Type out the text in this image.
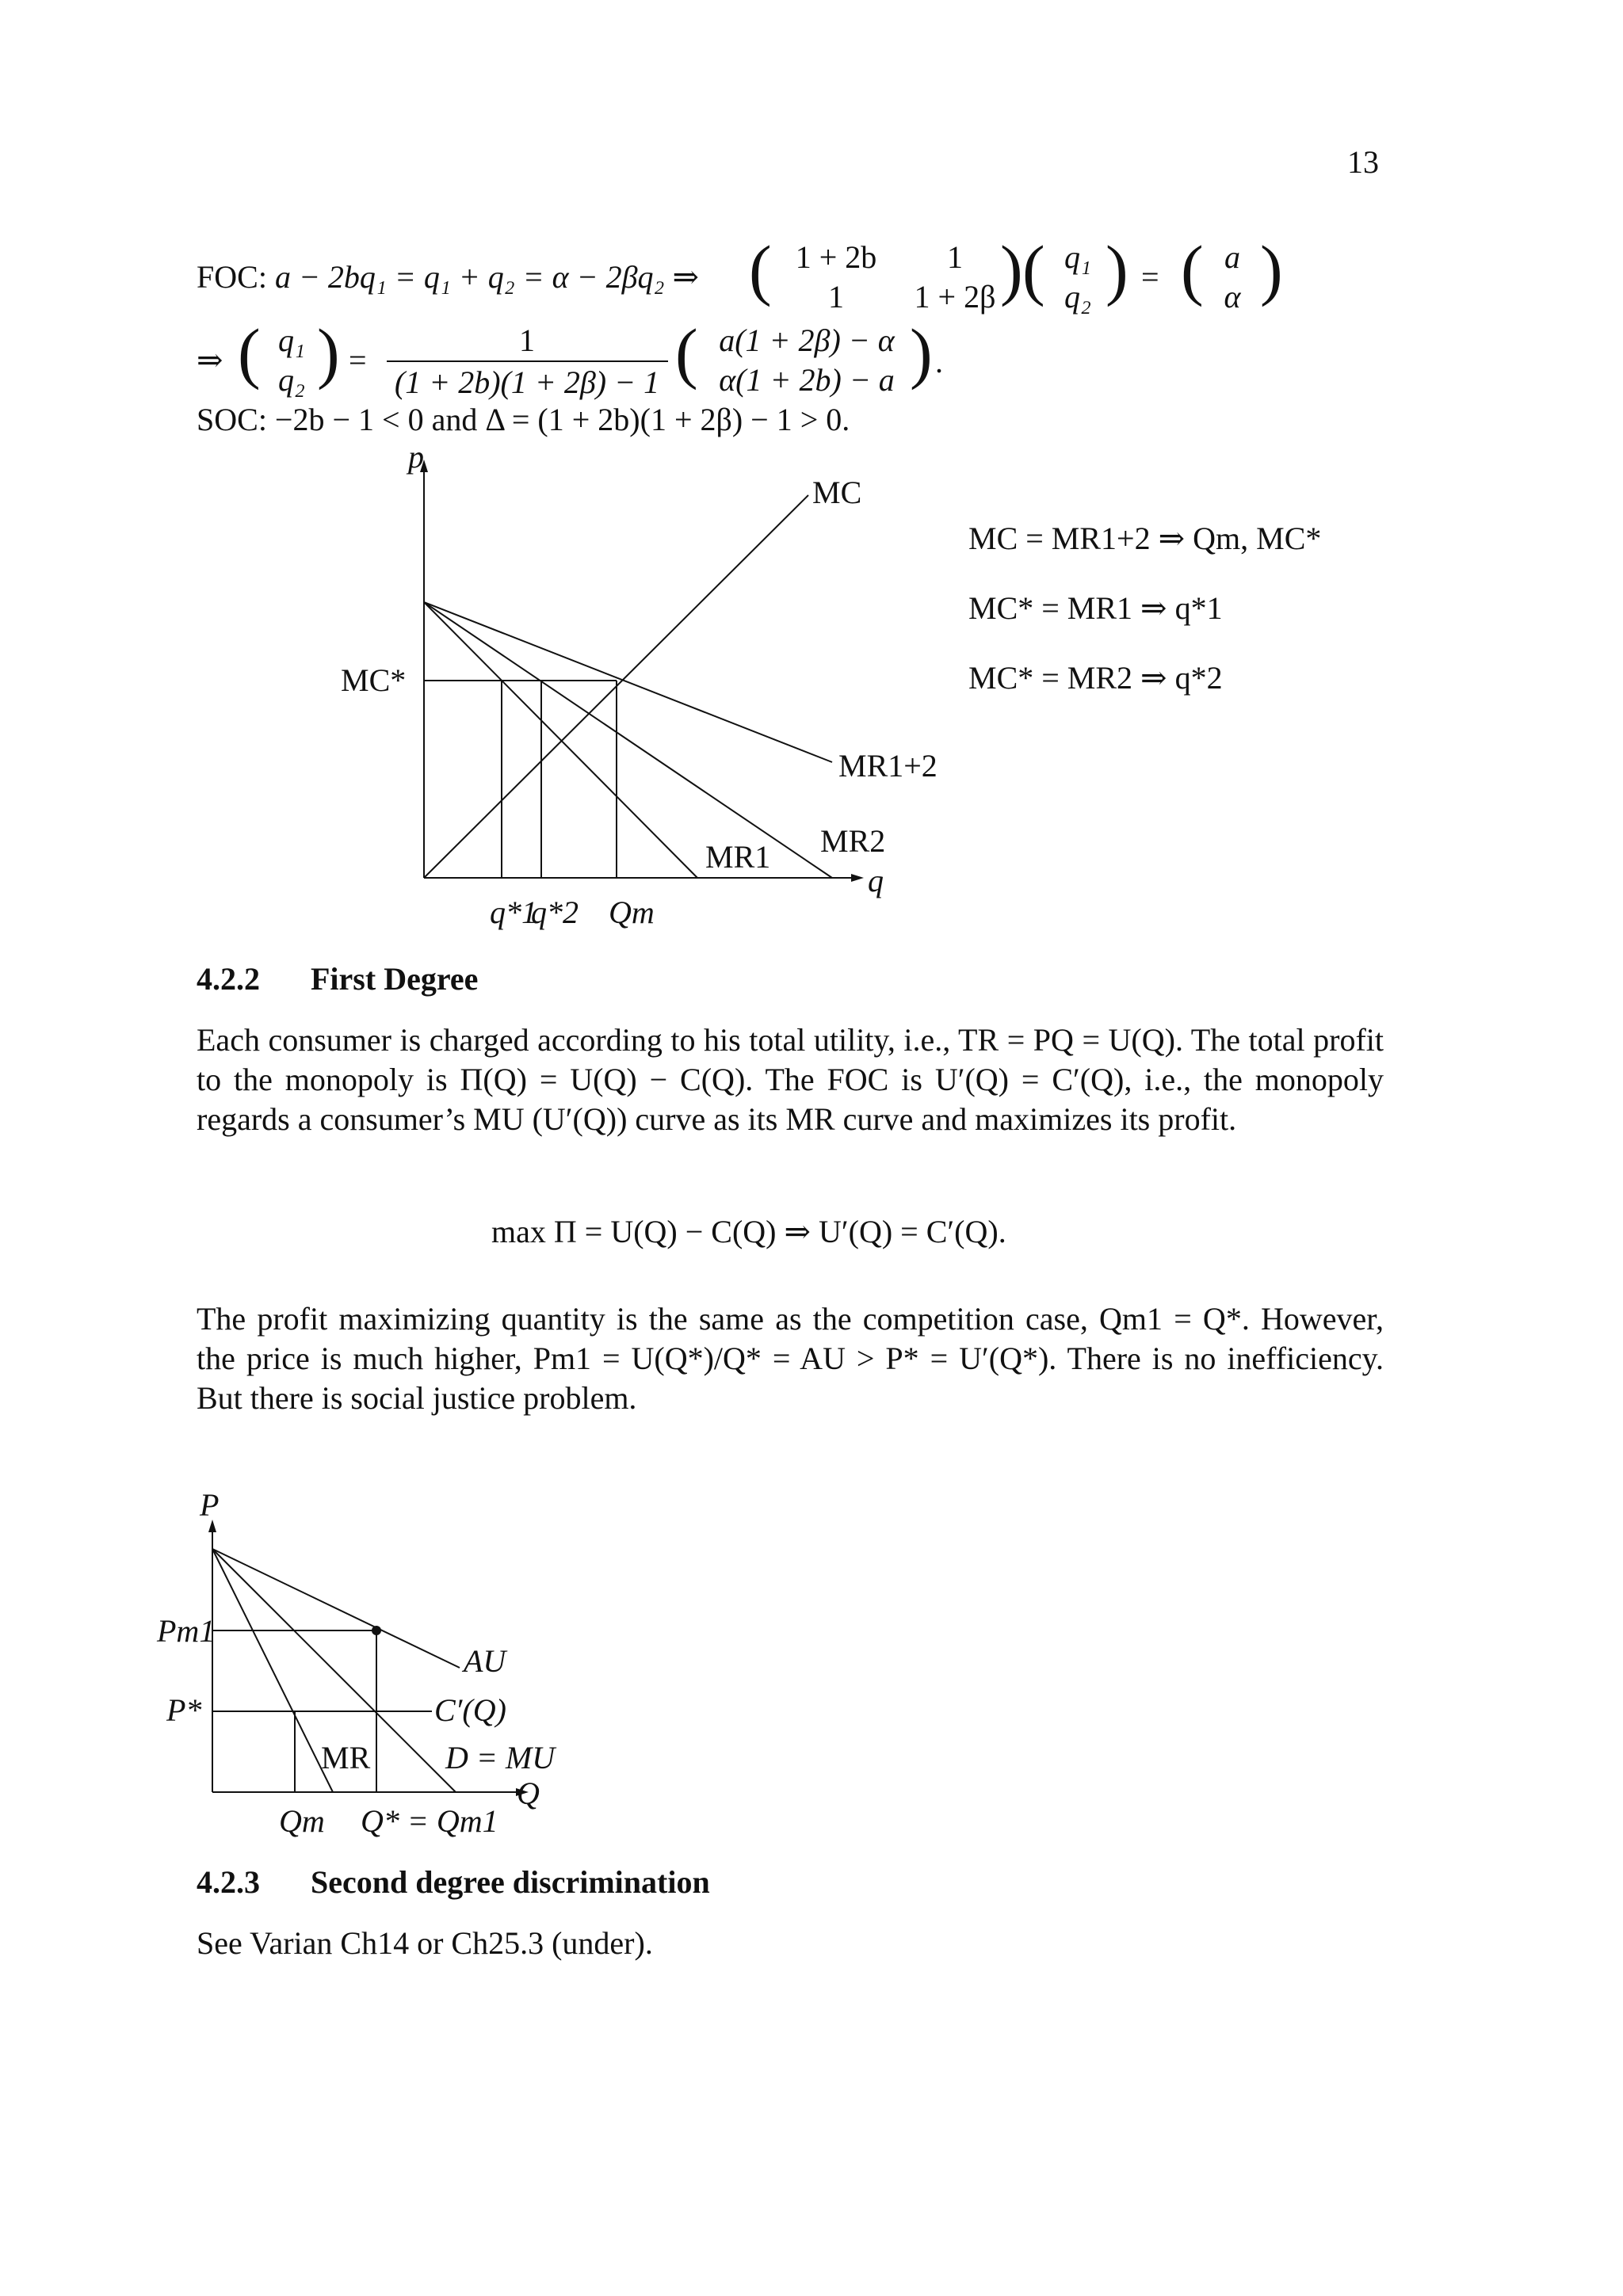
13
FOC: a − 2bq₁ = q₁ + q₂ = α − 2βq₂ ⇒ ( 1 + 2b	1
1	1 + 2β ) ( q₁
q₂ ) = ( a
α )
⇒ ( q₁
q₂ ) =
1
(1 + 2b)(1 + 2β) − 1 ( a(1 + 2β) − α
α(1 + 2b) − a ) .
SOC: −2b − 1 < 0 and Δ = (1 + 2b)(1 + 2β) − 1 > 0.
p
q
MC
MC*
MR1+2
MR1 MR2
q*1
q*2 Qm
MC = MR1+2 ⇒ Qm, MC*
MC* = MR1 ⇒ q*1
MC* = MR2 ⇒ q*2
4.2.2 First Degree
Each consumer is charged according to his total utility, i.e., TR = PQ = U(Q). The total profit to the monopoly is Π(Q) = U(Q) − C(Q). The FOC is U′(Q) = C′(Q), i.e., the monopoly regards a consumer’s MU (U′(Q)) curve as its MR curve and maximizes its profit.
max Π = U(Q) − C(Q) ⇒ U′(Q) = C′(Q).
The profit maximizing quantity is the same as the competition case, Qm1 = Q*. However, the price is much higher, Pm1 = U(Q*)/Q* = AU > P* = U′(Q*). There is no inefficiency. But there is social justice problem.
P
Q
Pm1
P*
AU
C′(Q)
MR D = MU
Qm Q* = Qm1
4.2.3 Second degree discrimination
See Varian Ch14 or Ch25.3 (under).
